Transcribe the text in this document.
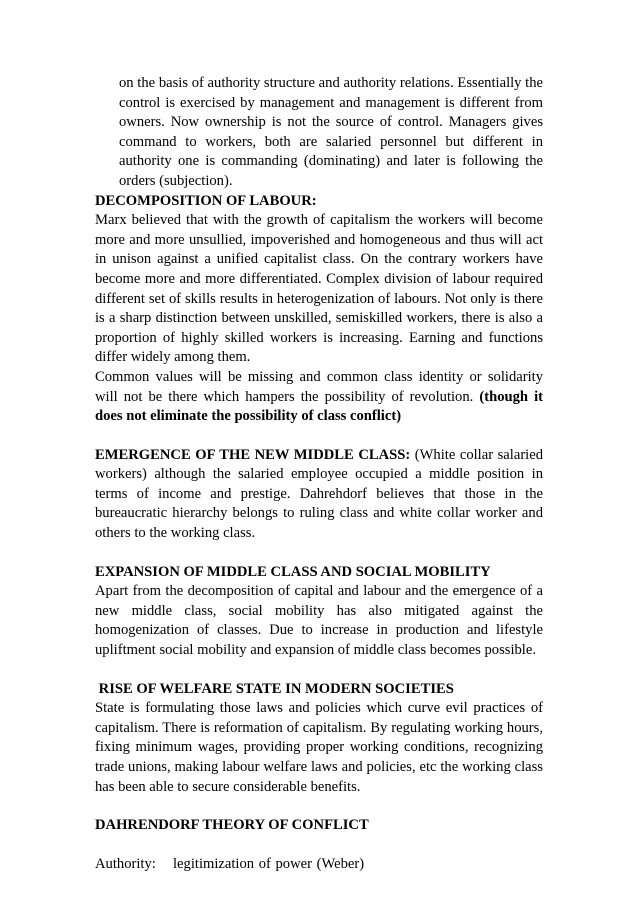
on the basis of authority structure and authority relations. Essentially the control is exercised by management and management is different from owners. Now ownership is not the source of control. Managers gives command to workers, both are salaried personnel but different in authority one is commanding (dominating) and later is following the orders (subjection).

DECOMPOSITION OF LABOUR:

Marx believed that with the growth of capitalism the workers will become more and more unsullied, impoverished and homogeneous and thus will act in unison against a unified capitalist class. On the contrary workers have become more and more differentiated. Complex division of labour required different set of skills results in heterogenization of labours. Not only is there is a sharp distinction between unskilled, semiskilled workers, there is also a proportion of highly skilled workers is increasing. Earning and functions differ widely among them.

Common values will be missing and common class identity or solidarity will not be there which hampers the possibility of revolution. (though it does not eliminate the possibility of class conflict)

EMERGENCE OF THE NEW MIDDLE CLASS: (White collar salaried workers) although the salaried employee occupied a middle position in terms of income and prestige. Dahrehdorf believes that those in the bureaucratic hierarchy belongs to ruling class and white collar worker and others to the working class.

EXPANSION OF MIDDLE CLASS AND SOCIAL MOBILITY

Apart from the decomposition of capital and labour and the emergence of a new middle class, social mobility has also mitigated against the homogenization of classes. Due to increase in production and lifestyle upliftment social mobility and expansion of middle class becomes possible.

RISE OF WELFARE STATE IN MODERN SOCIETIES

State is formulating those laws and policies which curve evil practices of capitalism. There is reformation of capitalism. By regulating working hours, fixing minimum wages, providing proper working conditions, recognizing trade unions, making labour welfare laws and policies, etc the working class has been able to secure considerable benefits.

DAHRENDORF THEORY OF CONFLICT

Authority: legitimization of power (Weber)
